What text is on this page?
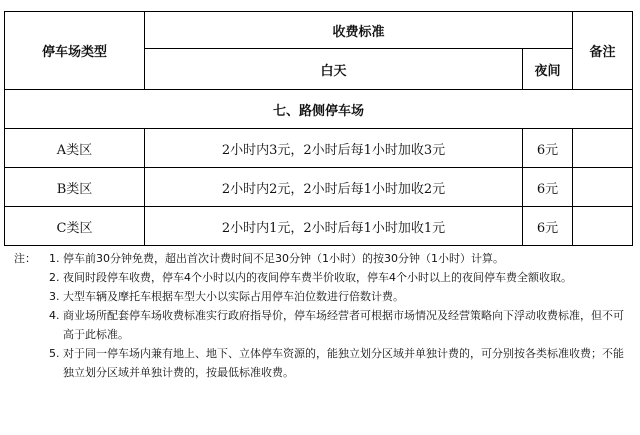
停车场类型	收费标准		备注
	白天	夜间	
七、路侧停车场			
A类区	2小时内3元，2小时后每1小时加收3元	6元	
B类区	2小时内2元，2小时后每1小时加收2元	6元	
C类区	2小时内1元，2小时后每1小时加收1元	6元	
注： 1. 停车前30分钟免费，超出首次计费时间不足30分钟（1小时）的按30分钟（1小时）计算。
2. 夜间时段停车收费，停车4个小时以内的夜间停车费半价收取，停车4个小时以上的夜间停车费全额收取。
3. 大型车辆及摩托车根据车型大小以实际占用停车泊位数进行倍数计费。
4. 商业场所配套停车场收费标准实行政府指导价，停车场经营者可根据市场情况及经营策略向下浮动收费标准，但不可高于此标准。
5. 对于同一停车场内兼有地上、地下、立体停车资源的，能独立划分区域并单独计费的，可分别按各类标准收费；不能独立划分区域并单独计费的，按最低标准收费。
